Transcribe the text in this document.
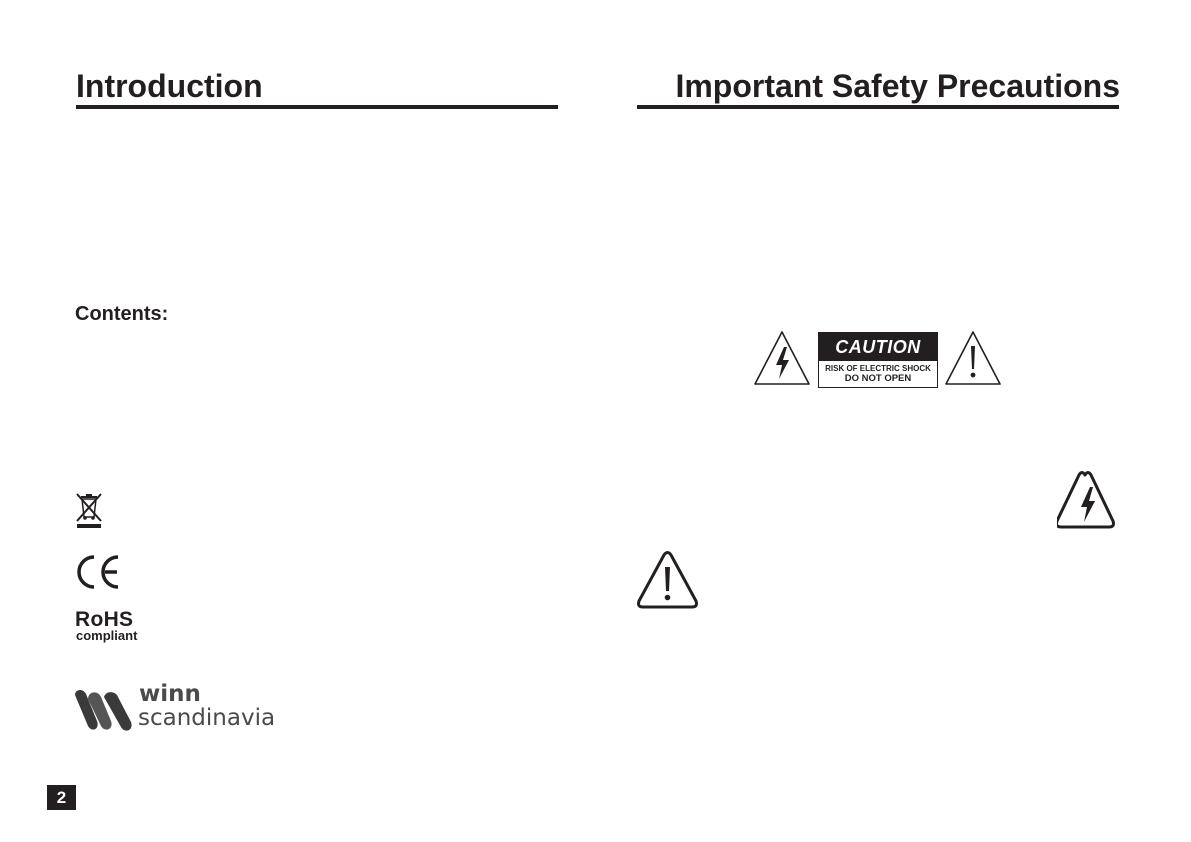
Introduction
Contents:
RoHS
compliant
winn
scandinavia
2
Important Safety Precautions
CAUTION
RISK OF ELECTRIC SHOCK
DO NOT OPEN
